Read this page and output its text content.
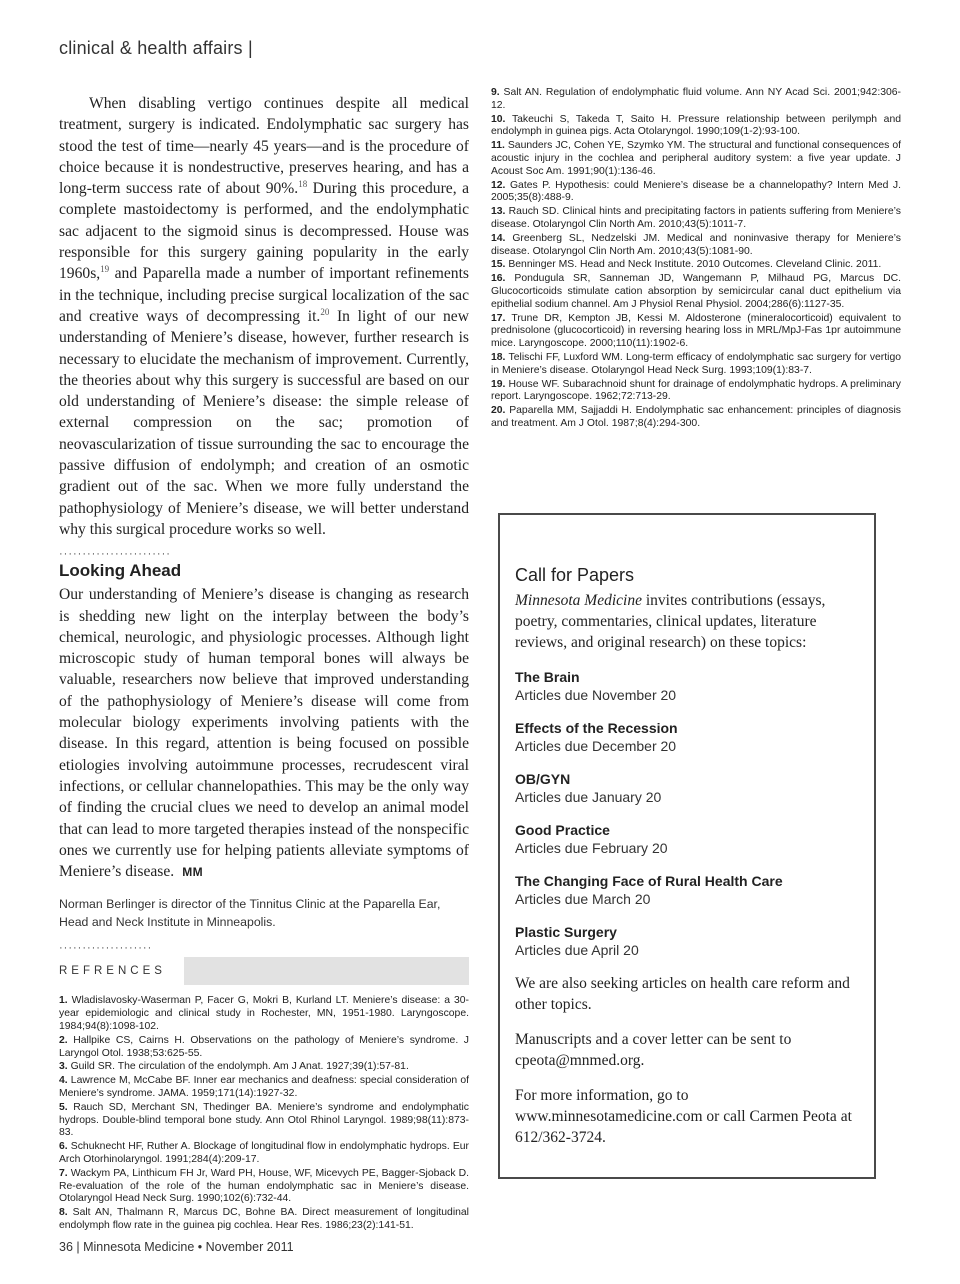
clinical & health affairs |

When disabling vertigo continues despite all medical treatment, surgery is indicated. Endolymphatic sac surgery has stood the test of time—nearly 45 years—and is the procedure of choice because it is nondestructive, preserves hearing, and has a long-term success rate of about 90%.$^{18}$ During this procedure, a complete mastoidectomy is performed, and the endolymphatic sac adjacent to the sigmoid sinus is decompressed. House was responsible for this surgery gaining popularity in the early 1960s,$^{19}$ and Paparella made a number of important refinements in the technique, including precise surgical localization of the sac and creative ways of decompressing it.$^{20}$ In light of our new understanding of Meniere’s disease, however, further research is necessary to elucidate the mechanism of improvement. Currently, the theories about why this surgery is successful are based on our old understanding of Meniere’s disease: the simple release of external compression on the sac; promotion of neovascularization of tissue surrounding the sac to encourage the passive diffusion of endolymph; and creation of an osmotic gradient out of the sac. When we more fully understand the pathophysiology of Meniere’s disease, we will better understand why this surgical procedure works so well.

························
Looking Ahead

Our understanding of Meniere’s disease is changing as research is shedding new light on the interplay between the body’s chemical, neurologic, and physiologic processes. Although light microscopic study of human temporal bones will always be valuable, researchers now believe that improved understanding of the pathophysiology of Meniere’s disease will come from molecular biology experiments involving patients with the disease. In this regard, attention is being focused on possible etiologies involving autoimmune processes, recrudescent viral infections, or cellular channelopathies. This may be the only way of finding the crucial clues we need to develop an animal model that can lead to more targeted therapies instead of the nonspecific ones we currently use for helping patients alleviate symptoms of Meniere’s disease. MM

Norman Berlinger is director of the Tinnitus Clinic at the Paparella Ear, Head and Neck Institute in Minneapolis.
····················
REFRENCES

1. Wladislavosky-Waserman P, Facer G, Mokri B, Kurland LT. Meniere’s disease: a 30-year epidemiologic and clinical study in Rochester, MN, 1951-1980. Laryngoscope. 1984;94(8):1098-102.

2. Hallpike CS, Cairns H. Observations on the pathology of Meniere’s syndrome. J Laryngol Otol. 1938;53:625-55.

3. Guild SR. The circulation of the endolymph. Am J Anat. 1927;39(1):57-81.

4. Lawrence M, McCabe BF. Inner ear mechanics and deafness: special consideration of Meniere’s syndrome. JAMA. 1959;171(14):1927-32.

5. Rauch SD, Merchant SN, Thedinger BA. Meniere’s syndrome and endolymphatic hydrops. Double-blind temporal bone study. Ann Otol Rhinol Laryngol. 1989;98(11):873-83.

6. Schuknecht HF, Ruther A. Blockage of longitudinal flow in endolymphatic hydrops. Eur Arch Otorhinolaryngol. 1991;284(4):209-17.

7. Wackym PA, Linthicum FH Jr, Ward PH, House, WF, Micevych PE, Bagger-Sjoback D. Re-evaluation of the role of the human endolymphatic sac in Meniere’s disease. Otolaryngol Head Neck Surg. 1990;102(6):732-44.

8. Salt AN, Thalmann R, Marcus DC, Bohne BA. Direct measurement of longitudinal endolymph flow rate in the guinea pig cochlea. Hear Res. 1986;23(2):141-51.

9. Salt AN. Regulation of endolymphatic fluid volume. Ann NY Acad Sci. 2001;942:306-12.

10. Takeuchi S, Takeda T, Saito H. Pressure relationship between perilymph and endolymph in guinea pigs. Acta Otolaryngol. 1990;109(1-2):93-100.

11. Saunders JC, Cohen YE, Szymko YM. The structural and functional consequences of acoustic injury in the cochlea and peripheral auditory system: a five year update. J Acoust Soc Am. 1991;90(1):136-46.

12. Gates P. Hypothesis: could Meniere’s disease be a channelopathy? Intern Med J. 2005;35(8):488-9.

13. Rauch SD. Clinical hints and precipitating factors in patients suffering from Meniere’s disease. Otolaryngol Clin North Am. 2010;43(5):1011-7.

14. Greenberg SL, Nedzelski JM. Medical and noninvasive therapy for Meniere’s disease. Otolaryngol Clin North Am. 2010;43(5):1081-90.

15. Benninger MS. Head and Neck Institute. 2010 Outcomes. Cleveland Clinic. 2011.

16. Pondugula SR, Sanneman JD, Wangemann P, Milhaud PG, Marcus DC. Glucocorticoids stimulate cation absorption by semicircular canal duct epithelium via epithelial sodium channel. Am J Physiol Renal Physiol. 2004;286(6):1127-35.

17. Trune DR, Kempton JB, Kessi M. Aldosterone (mineralocorticoid) equivalent to prednisolone (glucocorticoid) in reversing hearing loss in MRL/MpJ-Fas 1pr autoimmune mice. Laryngoscope. 2000;110(11):1902-6.

18. Telischi FF, Luxford WM. Long-term efficacy of endolymphatic sac surgery for vertigo in Meniere’s disease. Otolaryngol Head Neck Surg. 1993;109(1):83-7.

19. House WF. Subarachnoid shunt for drainage of endolymphatic hydrops. A preliminary report. Laryngoscope. 1962;72:713-29.

20. Paparella MM, Sajjaddi H. Endolymphatic sac enhancement: principles of diagnosis and treatment. Am J Otol. 1987;8(4):294-300.

Call for Papers

Minnesota Medicine invites contributions (essays, poetry, commentaries, clinical updates, literature reviews, and original research) on these topics:

The Brain
Articles due November 20
Effects of the Recession
Articles due December 20
OB/GYN
Articles due January 20
Good Practice
Articles due February 20
The Changing Face of Rural Health Care
Articles due March 20
Plastic Surgery
Articles due April 20

We are also seeking articles on health care reform and other topics.

Manuscripts and a cover letter can be sent to cpeota@mnmed.org.

For more information, go to www.minnesotamedicine.com or call Carmen Peota at 612/362-3724.

36 | Minnesota Medicine • November 2011
